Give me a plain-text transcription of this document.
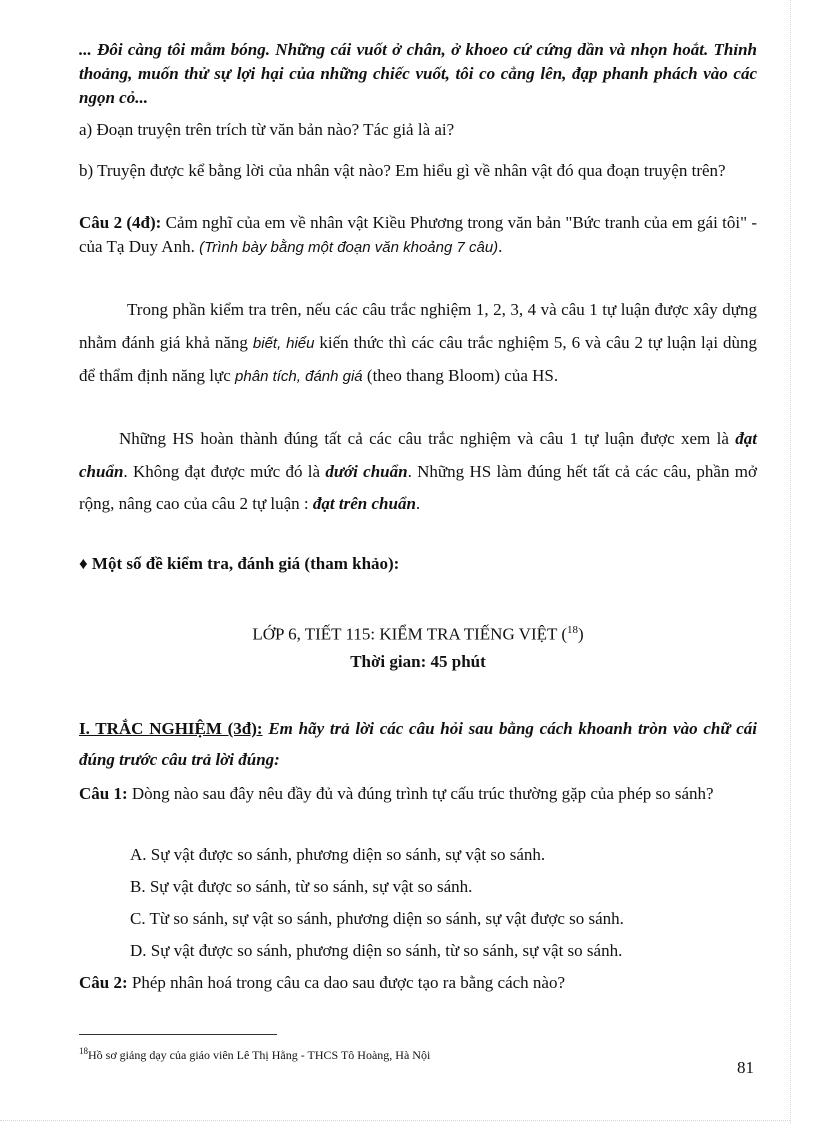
... Đôi càng tôi mẫm bóng. Những cái vuốt ở chân, ở khoeo cứ cứng dần và nhọn hoắt. Thỉnh thoảng, muốn thử sự lợi hại của những chiếc vuốt, tôi co cẳng lên, đạp phanh phách vào các ngọn cỏ...
a) Đoạn truyện trên trích từ văn bản nào? Tác giả là ai?
b) Truyện được kể bằng lời của nhân vật nào? Em hiểu gì về nhân vật đó qua đoạn truyện trên?
Câu 2 (4đ): Cảm nghĩ của em về nhân vật Kiều Phương trong văn bản "Bức tranh của em gái tôi" - của Tạ Duy Anh. (Trình bày bằng một đoạn văn khoảng 7 câu).
Trong phần kiểm tra trên, nếu các câu trắc nghiệm 1, 2, 3, 4 và câu 1 tự luận được xây dựng nhằm đánh giá khả năng biết, hiểu kiến thức thì các câu trắc nghiệm 5, 6 và câu 2 tự luận lại dùng để thẩm định năng lực phân tích, đánh giá (theo thang Bloom) của HS.
Những HS hoàn thành đúng tất cả các câu trắc nghiệm và câu 1 tự luận được xem là đạt chuẩn. Không đạt được mức đó là dưới chuẩn. Những HS làm đúng hết tất cả các câu, phần mở rộng, nâng cao của câu 2 tự luận : đạt trên chuẩn.
♦ Một số đề kiểm tra, đánh giá (tham khảo):
LỚP 6, TIẾT 115: KIỂM TRA TIẾNG VIỆT ($^{18}$)
Thời gian: 45 phút
I. TRẮC NGHIỆM (3đ): Em hãy trả lời các câu hỏi sau bằng cách khoanh tròn vào chữ cái đúng trước câu trả lời đúng:
Câu 1: Dòng nào sau đây nêu đầy đủ và đúng trình tự cấu trúc thường gặp của phép so sánh?
A. Sự vật được so sánh, phương diện so sánh, sự vật so sánh.
B. Sự vật được so sánh, từ so sánh, sự vật so sánh.
C. Từ so sánh, sự vật so sánh, phương diện so sánh, sự vật được so sánh.
D. Sự vật được so sánh, phương diện so sánh, từ so sánh, sự vật so sánh.
Câu 2: Phép nhân hoá trong câu ca dao sau được tạo ra bằng cách nào?
$^{18}$Hồ sơ giảng dạy của giáo viên Lê Thị Hằng - THCS Tô Hoàng, Hà Nội
81
